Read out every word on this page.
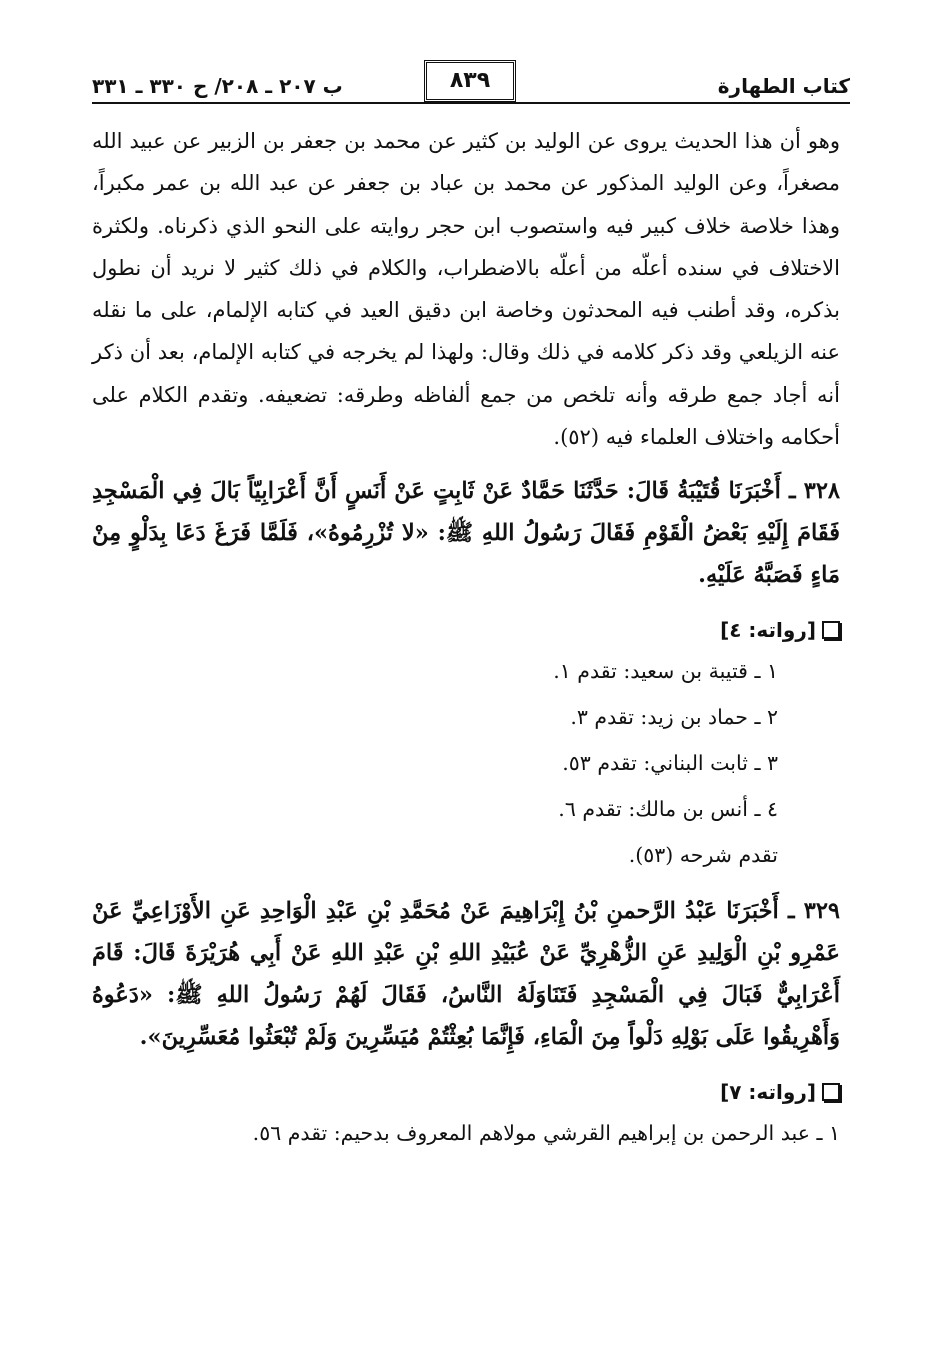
كتاب الطهارة
٨٣٩
ب ٢٠٧ ـ ٢٠٨/ ح ٣٣٠ ـ ٣٣١

وهو أن هذا الحديث يروى عن الوليد بن كثير عن محمد بن جعفر بن الزبير عن عبيد الله مصغراً، وعن الوليد المذكور عن محمد بن عباد بن جعفر عن عبد الله بن عمر مكبراً، وهذا خلاصة خلاف كبير فيه واستصوب ابن حجر روايته على النحو الذي ذكرناه. ولكثرة الاختلاف في سنده أعلّه من أعلّه بالاضطراب، والكلام في ذلك كثير لا نريد أن نطول بذكره، وقد أطنب فيه المحدثون وخاصة ابن دقيق العيد في كتابه الإلمام، على ما نقله عنه الزيلعي وقد ذكر كلامه في ذلك وقال: ولهذا لم يخرجه في كتابه الإلمام، بعد أن ذكر أنه أجاد جمع طرقه وأنه تلخص من جمع ألفاظه وطرقه: تضعيفه. وتقدم الكلام على أحكامه واختلاف العلماء فيه (٥٢).

٣٢٨ ـ أَخْبَرَنَا قُتَيْبَةُ قَالَ: حَدَّثَنَا حَمَّادٌ عَنْ ثَابِتٍ عَنْ أَنَسٍ أَنَّ أَعْرَابِيّاً بَالَ فِي الْمَسْجِدِ فَقَامَ إِلَيْهِ بَعْضُ الْقَوْمِ فَقَالَ رَسُولُ اللهِ ﷺ: «لا تُزْرِمُوهُ»، فَلَمَّا فَرَغَ دَعَا بِدَلْوٍ مِنْ مَاءٍ فَصَبَّهُ عَلَيْهِ.

[رواته: ٤]
١ ـ قتيبة بن سعيد: تقدم ١.
٢ ـ حماد بن زيد: تقدم ٣.
٣ ـ ثابت البناني: تقدم ٥٣.
٤ ـ أنس بن مالك: تقدم ٦.
تقدم شرحه (٥٣).

٣٢٩ ـ أَخْبَرَنَا عَبْدُ الرَّحمنِ بْنُ إِبْرَاهِيمَ عَنْ مُحَمَّدِ بْنِ عَبْدِ الْوَاحِدِ عَنِ الأَوْزَاعِيِّ عَنْ عَمْرِو بْنِ الْوَلِيدِ عَنِ الزُّهْرِيِّ عَنْ عُبَيْدِ اللهِ بْنِ عَبْدِ اللهِ عَنْ أَبِي هُرَيْرَةَ قَالَ: قَامَ أَعْرَابِيٌّ فَبَالَ فِي الْمَسْجِدِ فَتَنَاوَلَهُ النَّاسُ، فَقَالَ لَهُمْ رَسُولُ اللهِ ﷺ: «دَعُوهُ وَأَهْرِيقُوا عَلَى بَوْلِهِ دَلْواً مِنَ الْمَاءِ، فَإِنَّمَا بُعِثْتُمْ مُيَسِّرِينَ وَلَمْ تُبْعَثُوا مُعَسِّرِينَ».

[رواته: ٧]
١ ـ عبد الرحمن بن إبراهيم القرشي مولاهم المعروف بدحيم: تقدم ٥٦.
